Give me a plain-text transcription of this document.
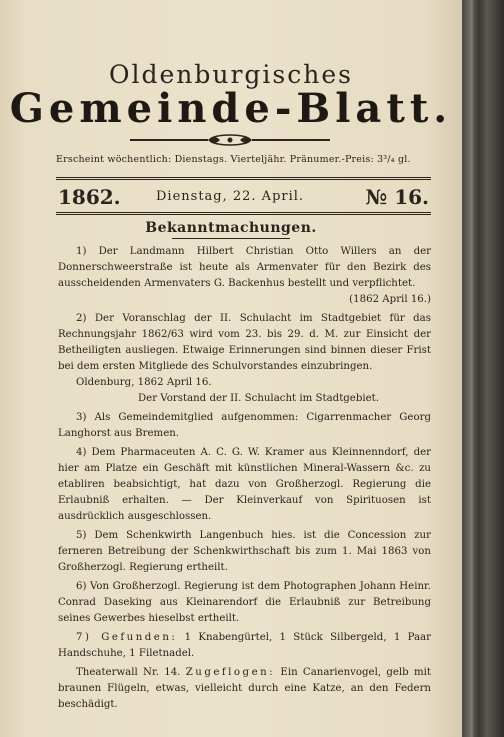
Oldenburgisches
Gemeinde-Blatt.
Erscheint wöchentlich: Dienstags. Vierteljähr. Pränumer.-Preis: 3³/₄ gl.
1862.	Dienstag, 22. April.	№ 16.
Bekanntmachungen.

1) Der Landmann Hilbert Christian Otto Willers an der Donnerschweerstraße ist heute als Armenvater für den Bezirk des ausscheidenden Armenvaters G. Backenhus bestellt und verpflichtet.

(1862 April 16.)

2) Der Voranschlag der II. Schulacht im Stadtgebiet für das Rechnungsjahr 1862/63 wird vom 23. bis 29. d. M. zur Einsicht der Betheiligten ausliegen. Etwaige Erinnerungen sind binnen dieser Frist bei dem ersten Mitgliede des Schulvorstandes einzubringen.

Oldenburg, 1862 April 16.

Der Vorstand der II. Schulacht im Stadtgebiet.

3) Als Gemeindemitglied aufgenommen: Cigarrenmacher Georg Langhorst aus Bremen.

4) Dem Pharmaceuten A. C. G. W. Kramer aus Kleinnenndorf, der hier am Platze ein Geschäft mit künstlichen Mineral-Wassern &c. zu etabliren beabsichtigt, hat dazu von Großherzogl. Regierung die Erlaubniß erhalten. — Der Kleinverkauf von Spirituosen ist ausdrücklich ausgeschlossen.

5) Dem Schenkwirth Langenbuch hies. ist die Concession zur ferneren Betreibung der Schenkwirthschaft bis zum 1. Mai 1863 von Großherzogl. Regierung ertheilt.

6) Von Großherzogl. Regierung ist dem Photographen Johann Heinr. Conrad Daseking aus Kleinarendorf die Erlaubniß zur Betreibung seines Gewerbes hieselbst ertheilt.

7) Gefunden: 1 Knabengürtel, 1 Stück Silbergeld, 1 Paar Handschuhe, 1 Filetnadel.

Theaterwall Nr. 14. Zugeflogen: Ein Canarienvogel, gelb mit braunen Flügeln, etwas, vielleicht durch eine Katze, an den Federn beschädigt.
